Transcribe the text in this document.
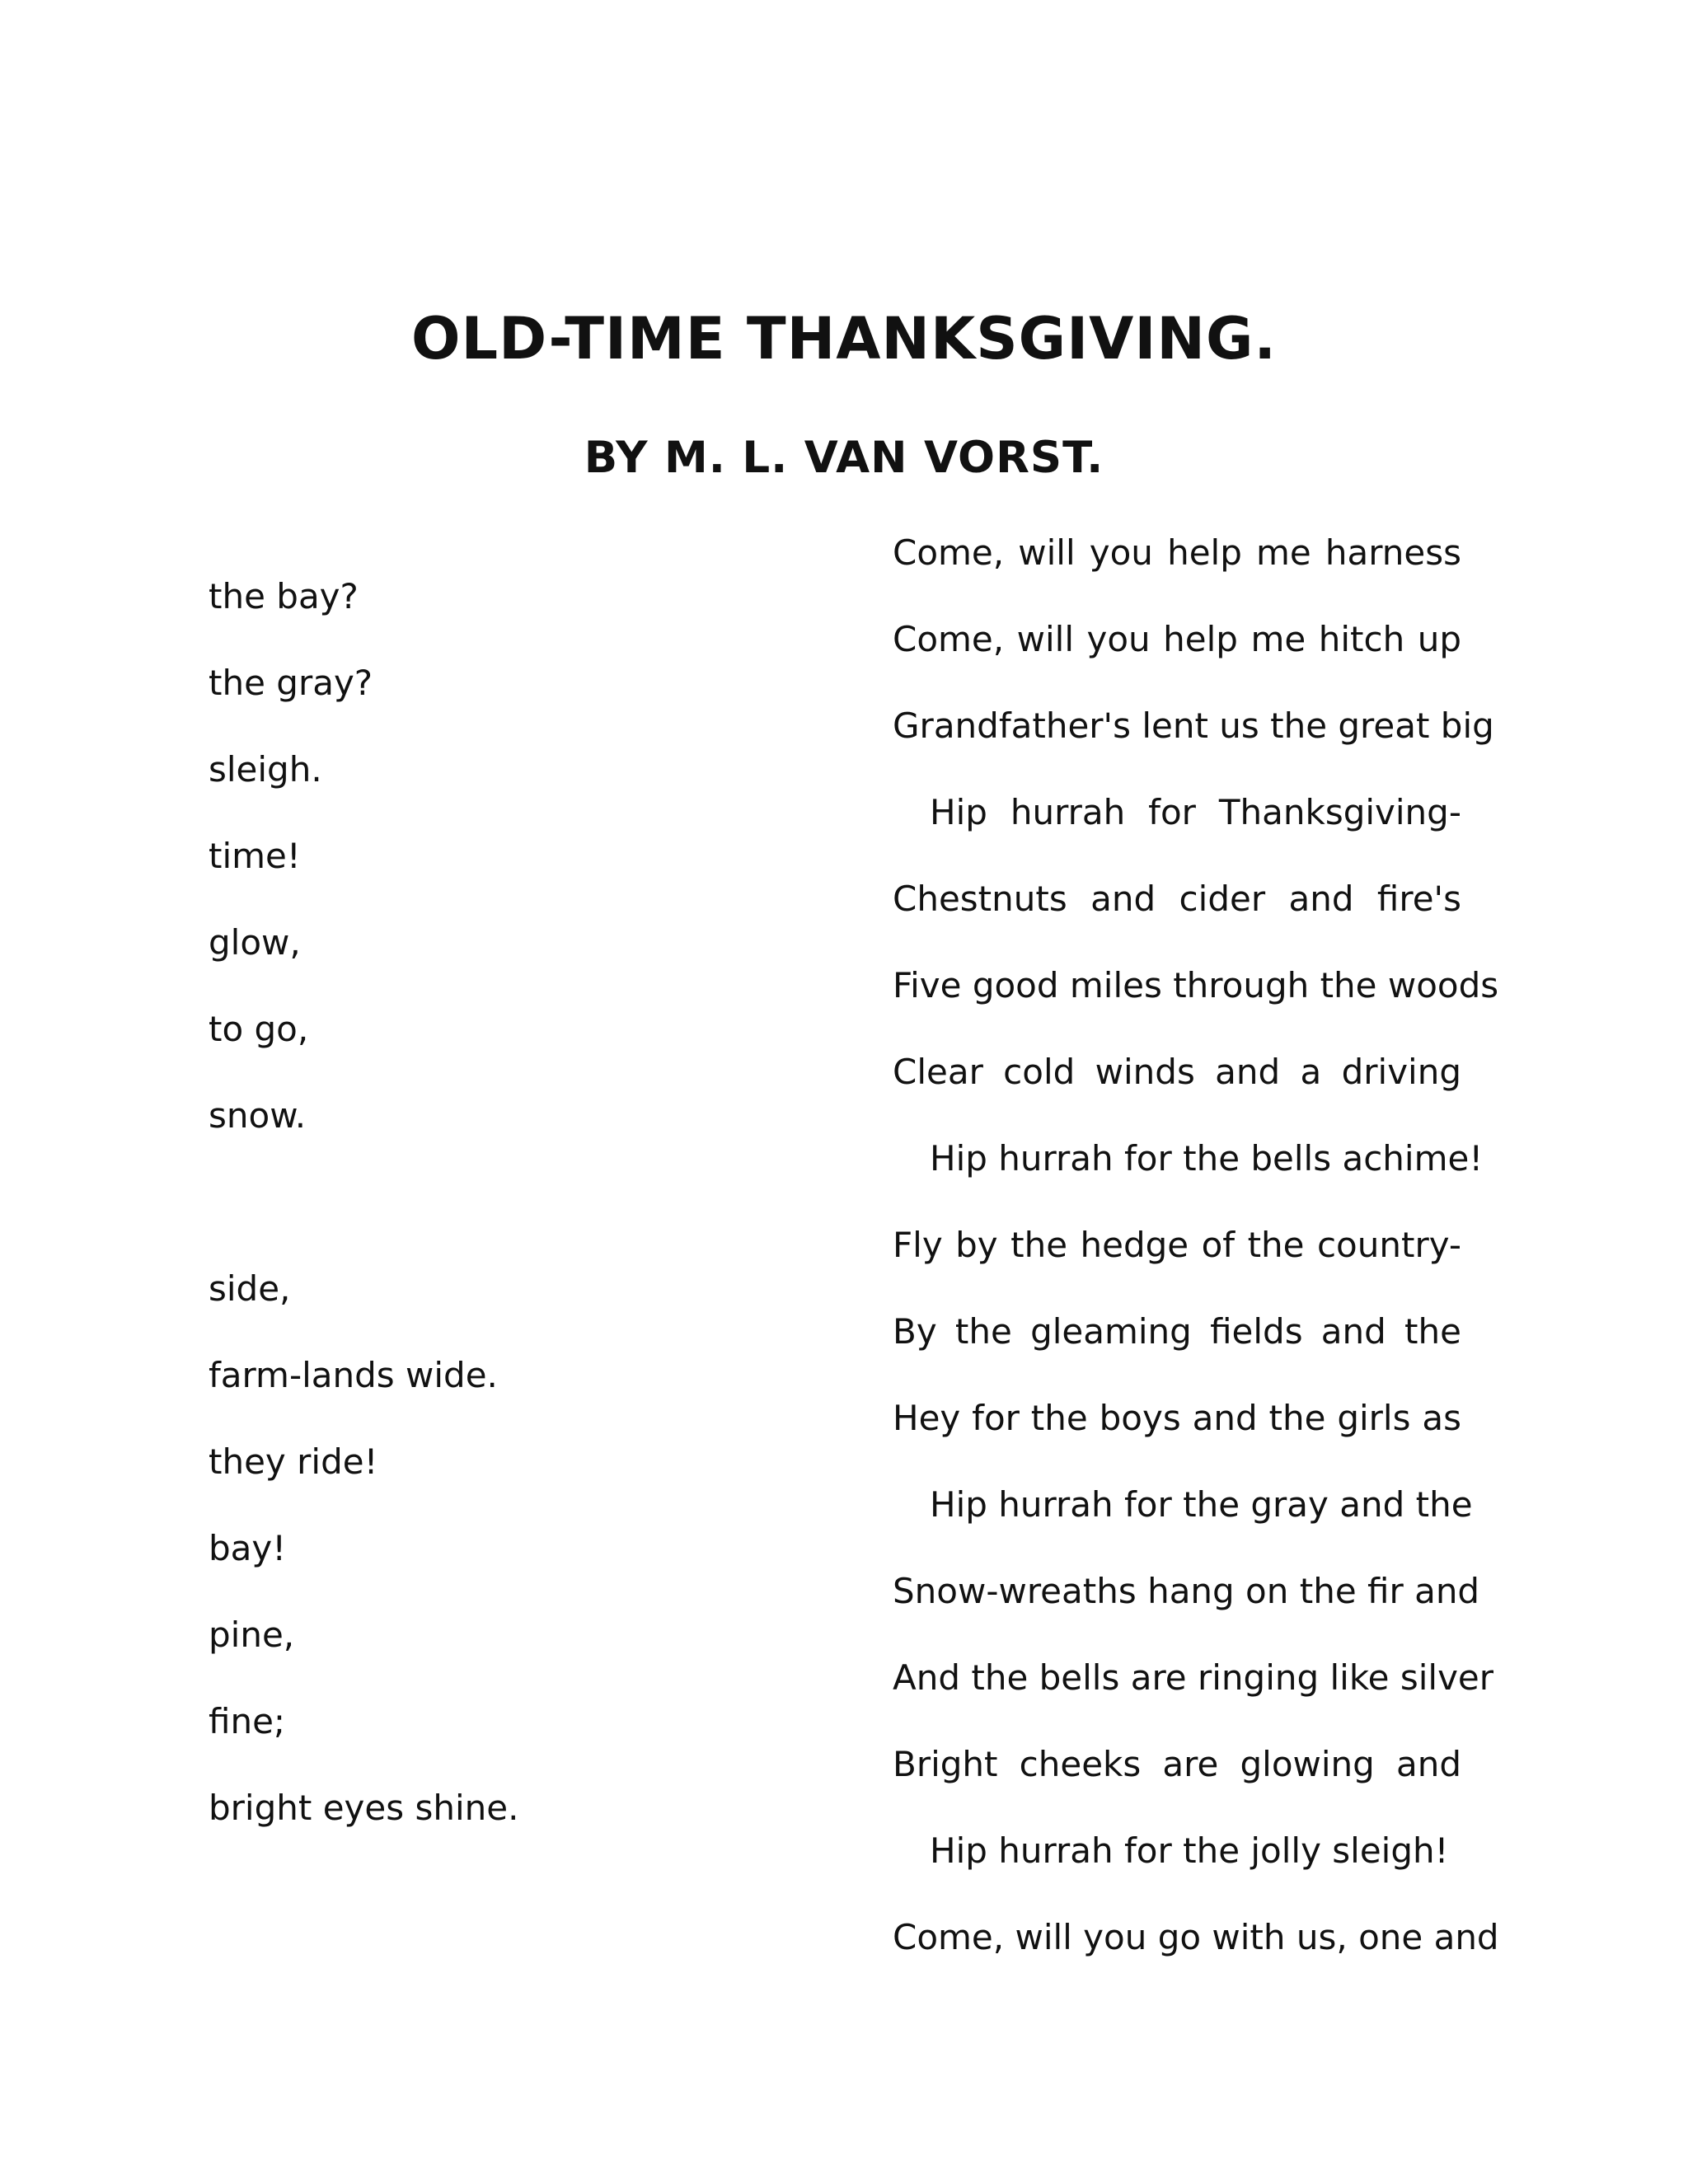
OLD-TIME THANKSGIVING.
BY M. L. VAN VORST.

the bay?

the gray?

sleigh.

time!

glow,

to go,

snow.

side,

farm-lands wide.

they ride!

bay!

pine,

fine;

bright eyes shine.

Come, will you help me harness

Come, will you help me hitch up

Grandfather's lent us the great big

Hip hurrah for Thanksgiving-

Chestnuts and cider and fire's

Five good miles through the woods

Clear cold winds and a driving

Hip hurrah for the bells achime!

Fly by the hedge of the country-

By the gleaming fields and the

Hey for the boys and the girls as

Hip hurrah for the gray and the

Snow-wreaths hang on the fir and

And the bells are ringing like silver

Bright cheeks are glowing and

Hip hurrah for the jolly sleigh!

Come, will you go with us, one and
